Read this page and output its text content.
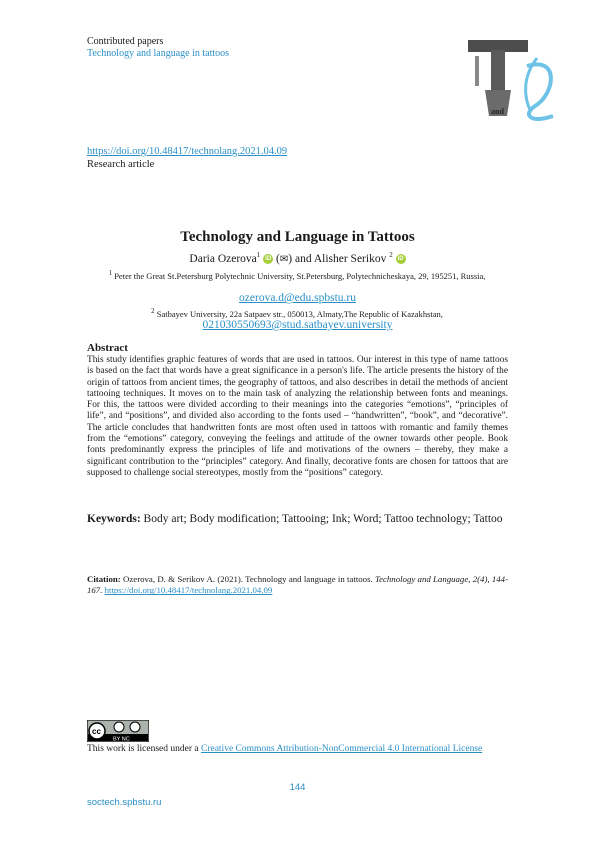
Contributed papers
Technology and language in tattoos
and
https://doi.org/10.48417/technolang.2021.04.09
Research article
Technology and Language in Tattoos
Daria Ozerova$^1$ iD (✉) and Alisher Serikov $^2$ iD
$^1$ Peter the Great St.Petersburg Polytechnic University, St.Petersburg, Polytechnicheskaya, 29, 195251, Russia,
ozerova.d@edu.spbstu.ru
$^2$ Satbayev University, 22a Satpaev str., 050013, Almaty,The Republic of Kazakhstan,
021030550693@stud.satbayev.university
Abstract
This study identifies graphic features of words that are used in tattoos. Our interest in this type of name tattoos is based on the fact that words have a great significance in a person's life. The article presents the history of the origin of tattoos from ancient times, the geography of tattoos, and also describes in detail the methods of ancient tattooing techniques. It moves on to the main task of analyzing the relationship between fonts and meanings. For this, the tattoos were divided according to their meanings into the categories “emotions”, “principles of life”, and “positions”, and divided also according to the fonts used – “handwritten”, “book”, and “decorative”. The article concludes that handwritten fonts are most often used in tattoos with romantic and family themes from the “emotions” category, conveying the feelings and attitude of the owner towards other people. Book fonts predominantly express the principles of life and motivations of the owners – thereby, they make a significant contribution to the “principles” category. And finally, decorative fonts are chosen for tattoos that are supposed to challenge social stereotypes, mostly from the “positions” category.
Keywords: Body art; Body modification; Tattooing; Ink; Word; Tattoo technology; Tattoo
Citation: Ozerova, D. & Serikov A. (2021). Technology and language in tattoos. Technology and Language, 2(4), 144-167. https://doi.org/10.48417/technolang.2021.04.09
cc
BY NC
This work is licensed under a Creative Commons Attribution-NonCommercial 4.0 International License
144
soctech.spbstu.ru
